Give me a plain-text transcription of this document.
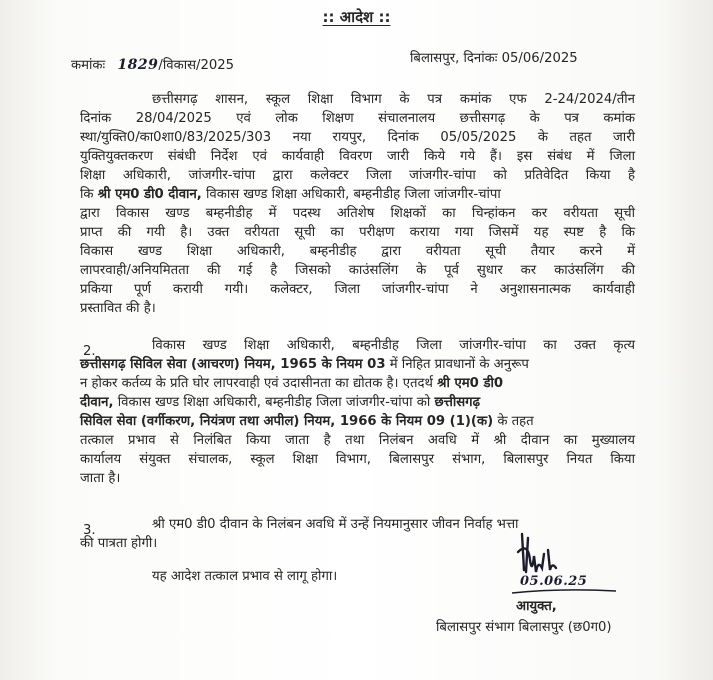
:: आदेश ::
कमांकः 1829/विकास/2025	बिलासपुर, दिनांकः 05/06/2025
छत्तीसगढ़ शासन, स्कूल शिक्षा विभाग के पत्र कमांक एफ 2-24/2024/तीन
दिनांक 28/04/2025 एवं लोक शिक्षण संचालनालय छत्तीसगढ़ के पत्र कमांक
स्था/युक्ति0/का0शा0/83/2025/303 नया रायपुर, दिनांक 05/05/2025 के तहत जारी
युक्तियुक्तकरण संबंधी निर्देश एवं कार्यवाही विवरण जारी किये गये हैं। इस संबंध में जिला
शिक्षा अधिकारी, जांजगीर-चांपा द्वारा कलेक्टर जिला जांजगीर-चांपा को प्रतिवेदित किया है
कि श्री एम0 डी0 दीवान, विकास खण्ड शिक्षा अधिकारी, बम्हनीडीह जिला जांजगीर-चांपा
द्वारा विकास खण्ड बम्हनीडीह में पदस्थ अतिशेष शिक्षकों का चिन्हांकन कर वरीयता सूची
प्राप्त की गयी है। उक्त वरीयता सूची का परीक्षण कराया गया जिसमें यह स्पष्ट है कि
विकास खण्ड शिक्षा अधिकारी, बम्हनीडीह द्वारा वरीयता सूची तैयार करने में
लापरवाही/अनियमितता की गई है जिसको काउंसलिंग के पूर्व सुधार कर काउंसलिंग की
प्रकिया पूर्ण करायी गयी। कलेक्टर, जिला जांजगीर-चांपा ने अनुशासनात्मक कार्यवाही
प्रस्तावित की है।
2.	विकास खण्ड शिक्षा अधिकारी, बम्हनीडीह जिला जांजगीर-चांपा का उक्त कृत्य
छत्तीसगढ़ सिविल सेवा (आचरण) नियम, 1965 के नियम 03 में निहित प्रावधानों के अनुरूप
न होकर कर्तव्य के प्रति घोर लापरवाही एवं उदासीनता का द्योतक है। एतदर्थ श्री एम0 डी0
दीवान, विकास खण्ड शिक्षा अधिकारी, बम्हनीडीह जिला जांजगीर-चांपा को छत्तीसगढ़
सिविल सेवा (वर्गीकरण, नियंत्रण तथा अपील) नियम, 1966 के नियम 09 (1)(क) के तहत
तत्काल प्रभाव से निलंबित किया जाता है तथा निलंबन अवधि में श्री दीवान का मुख्यालय
कार्यालय संयुक्त संचालक, स्कूल शिक्षा विभाग, बिलासपुर संभाग, बिलासपुर नियत किया
जाता है।
3.	श्री एम0 डी0 दीवान के निलंबन अवधि में उन्हें नियमानुसार जीवन निर्वाह भत्ता
की पात्रता होगी।
यह आदेश तत्काल प्रभाव से लागू होगा।	05.06.25
आयुक्त,
बिलासपुर संभाग बिलासपुर (छ0ग0)
